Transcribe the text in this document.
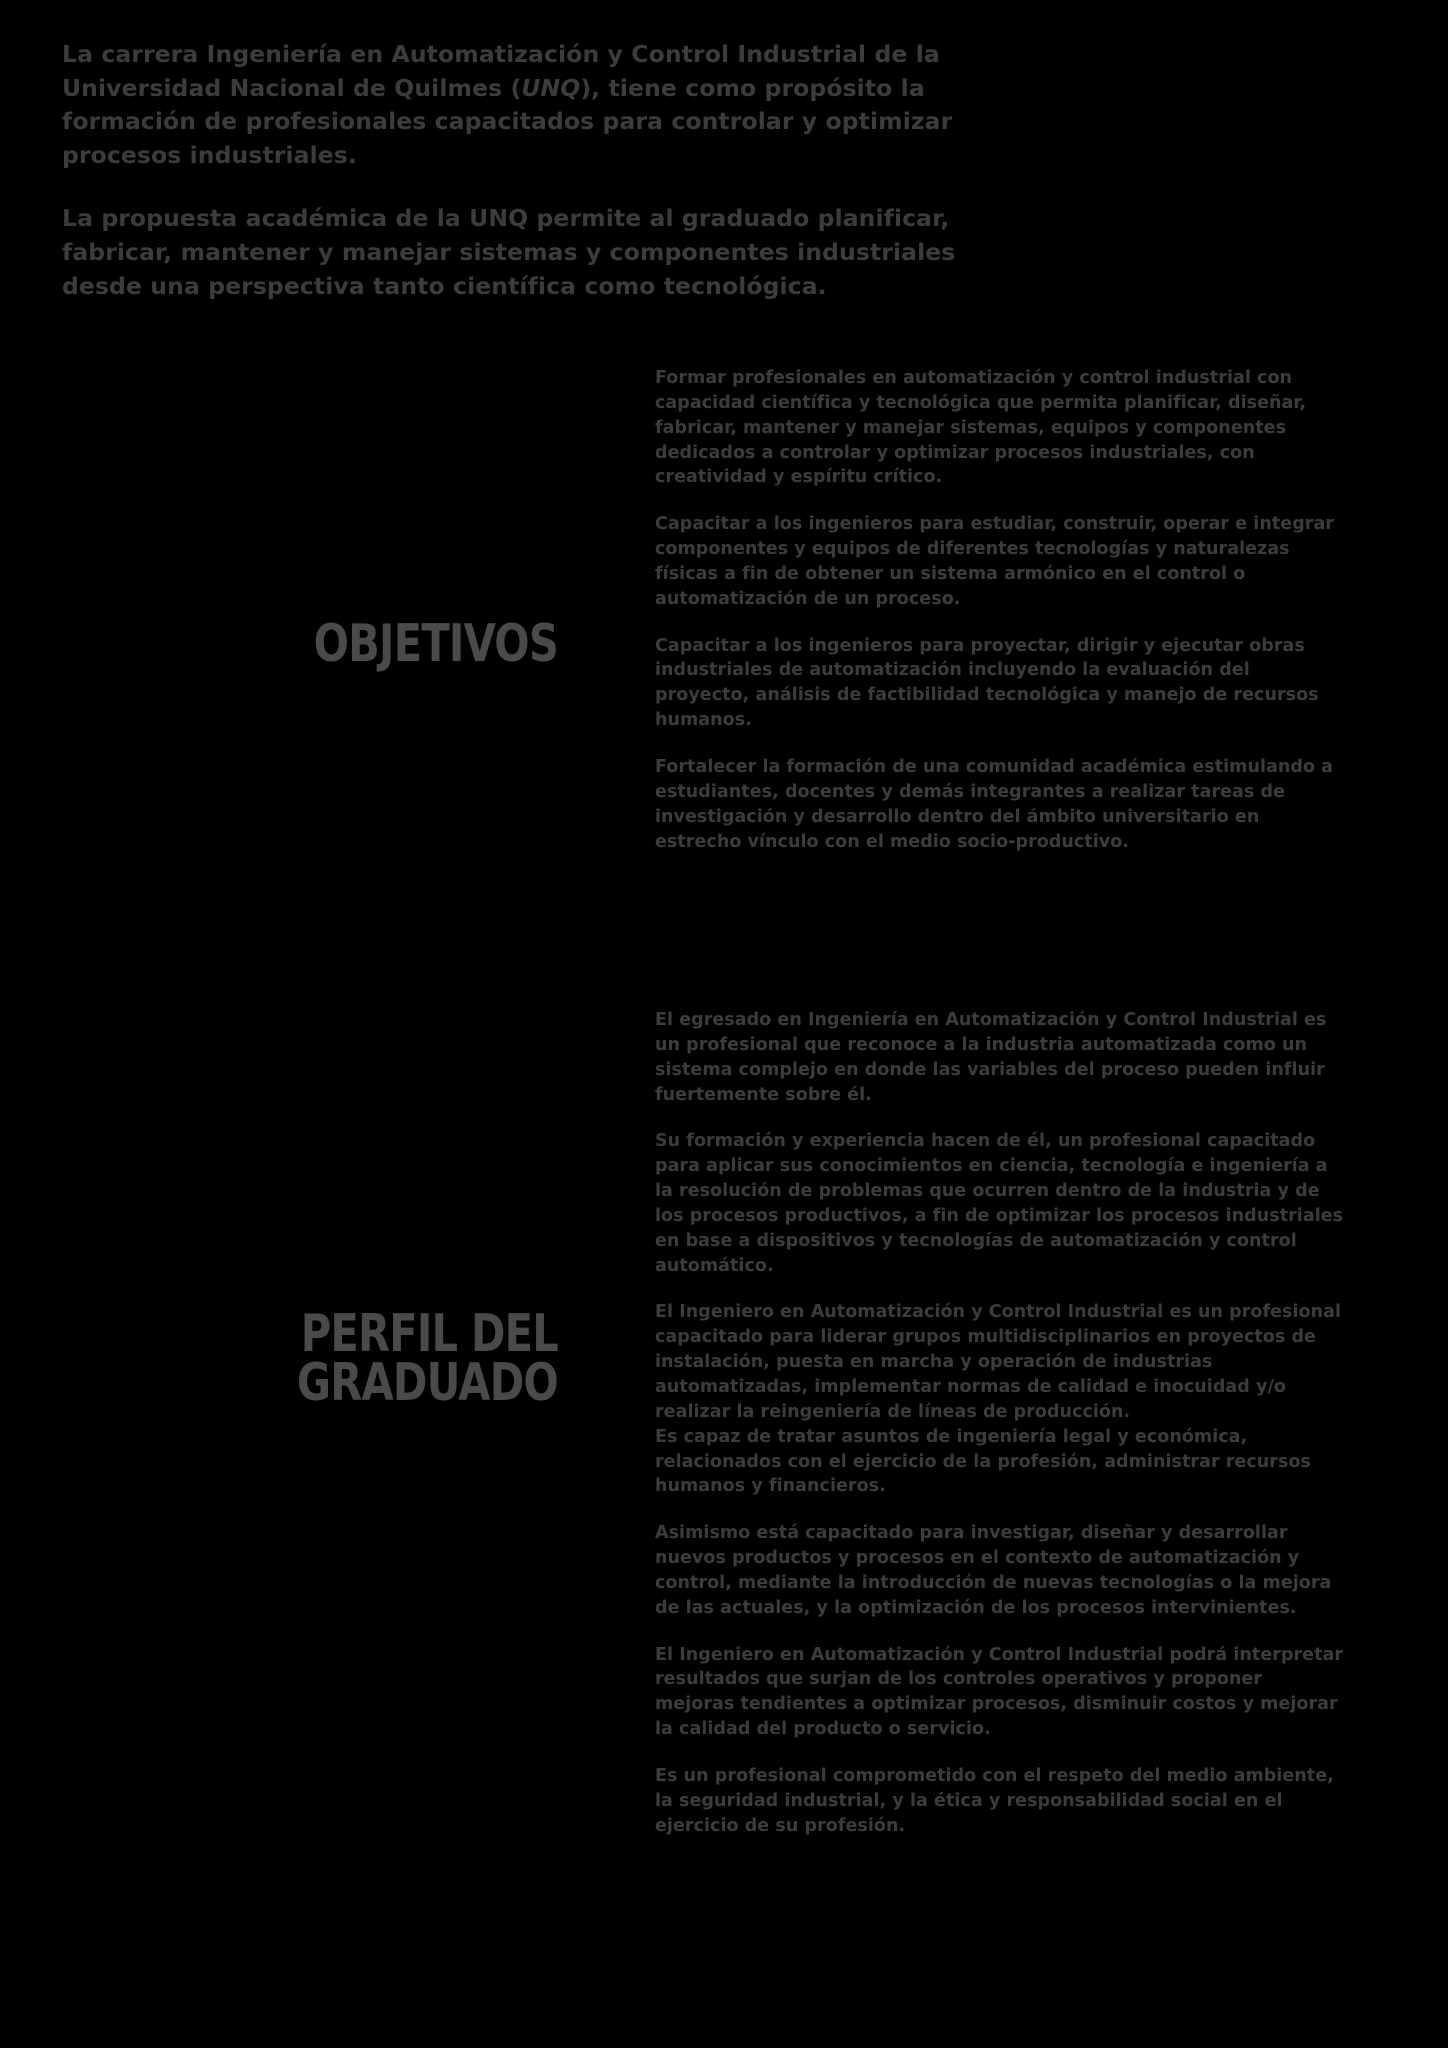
La carrera Ingeniería en Automatización y Control Industrial de la Universidad Nacional de Quilmes (UNQ), tiene como propósito la formación de profesionales capacitados para controlar y optimizar procesos industriales.

La propuesta académica de la UNQ permite al graduado planificar, fabricar, mantener y manejar sistemas y componentes industriales desde una perspectiva tanto científica como tecnológica.

OBJETIVOS

Formar profesionales en automatización y control industrial con capacidad científica y tecnológica que permita planificar, diseñar, fabricar, mantener y manejar sistemas, equipos y componentes dedicados a controlar y optimizar procesos industriales, con creatividad y espíritu crítico.

Capacitar a los ingenieros para estudiar, construir, operar e integrar componentes y equipos de diferentes tecnologías y naturalezas físicas a fin de obtener un sistema armónico en el control o automatización de un proceso.

Capacitar a los ingenieros para proyectar, dirigir y ejecutar obras industriales de automatización incluyendo la evaluación del proyecto, análisis de factibilidad tecnológica y manejo de recursos humanos.

Fortalecer la formación de una comunidad académica estimulando a estudiantes, docentes y demás integrantes a realizar tareas de investigación y desarrollo dentro del ámbito universitario en estrecho vínculo con el medio socio-productivo.

PERFIL DEL
GRADUADO

El egresado en Ingeniería en Automatización y Control Industrial es un profesional que reconoce a la industria automatizada como un sistema complejo en donde las variables del proceso pueden influir fuertemente sobre él.

Su formación y experiencia hacen de él, un profesional capacitado para aplicar sus conocimientos en ciencia, tecnología e ingeniería a la resolución de problemas que ocurren dentro de la industria y de los procesos productivos, a fin de optimizar los procesos industriales en base a dispositivos y tecnologías de automatización y control automático.

El Ingeniero en Automatización y Control Industrial es un profesional capacitado para liderar grupos multidisciplinarios en proyectos de instalación, puesta en marcha y operación de industrias automatizadas, implementar normas de calidad e inocuidad y/o realizar la reingeniería de líneas de producción.

Es capaz de tratar asuntos de ingeniería legal y económica, relacionados con el ejercicio de la profesión, administrar recursos humanos y financieros.

Asimismo está capacitado para investigar, diseñar y desarrollar nuevos productos y procesos en el contexto de automatización y control, mediante la introducción de nuevas tecnologías o la mejora de las actuales, y la optimización de los procesos intervinientes.

El Ingeniero en Automatización y Control Industrial podrá interpretar resultados que surjan de los controles operativos y proponer mejoras tendientes a optimizar procesos, disminuir costos y mejorar la calidad del producto o servicio.

Es un profesional comprometido con el respeto del medio ambiente, la seguridad industrial, y la ética y responsabilidad social en el ejercicio de su profesión.
